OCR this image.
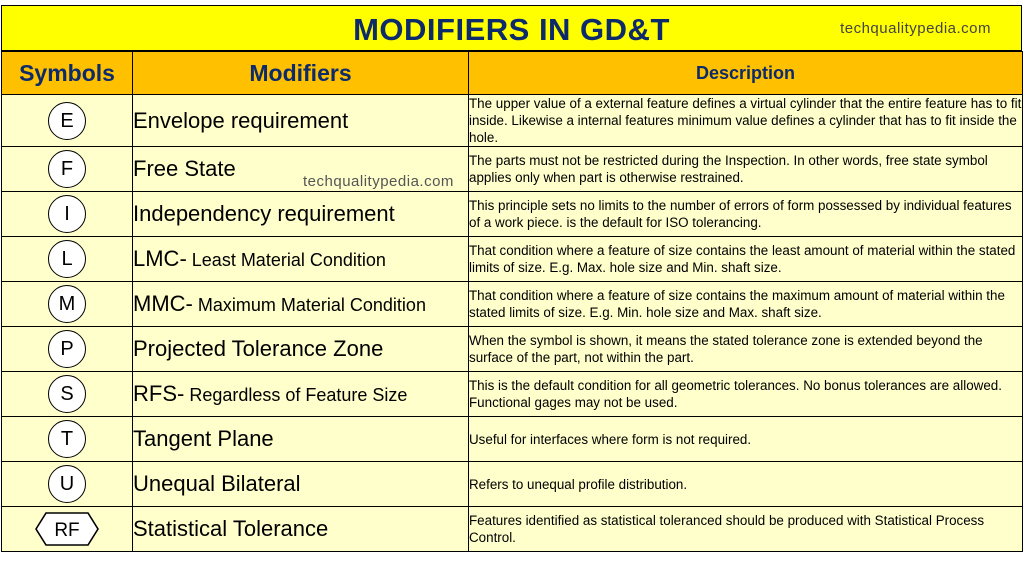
MODIFIERS IN GD&T	techqualitypedia.com
Symbols	Modifiers	Description
E	Envelope requirement	The upper value of a external feature defines a virtual cylinder that the entire feature has to fit inside. Likewise a internal features minimum value defines a cylinder that has to fit inside the hole.
F	Free State	The parts must not be restricted during the Inspection. In other words, free state symbol applies only when part is otherwise restrained.
I	Independency requirement	This principle sets no limits to the number of errors of form possessed by individual features of a work piece. is the default for ISO tolerancing.
L	LMC- Least Material Condition	That condition where a feature of size contains the least amount of material within the stated limits of size. E.g. Max. hole size and Min. shaft size.
M	MMC- Maximum Material Condition	That condition where a feature of size contains the maximum amount of material within the stated limits of size. E.g. Min. hole size and Max. shaft size.
P	Projected Tolerance Zone	When the symbol is shown, it means the stated tolerance zone is extended beyond the surface of the part, not within the part.
S	RFS- Regardless of Feature Size	This is the default condition for all geometric tolerances. No bonus tolerances are allowed. Functional gages may not be used.
T	Tangent Plane	Useful for interfaces where form is not required.
U	Unequal Bilateral	Refers to unequal profile distribution.

RF	Statistical Tolerance	Features identified as statistical toleranced should be produced with Statistical Process Control.
techqualitypedia.com
